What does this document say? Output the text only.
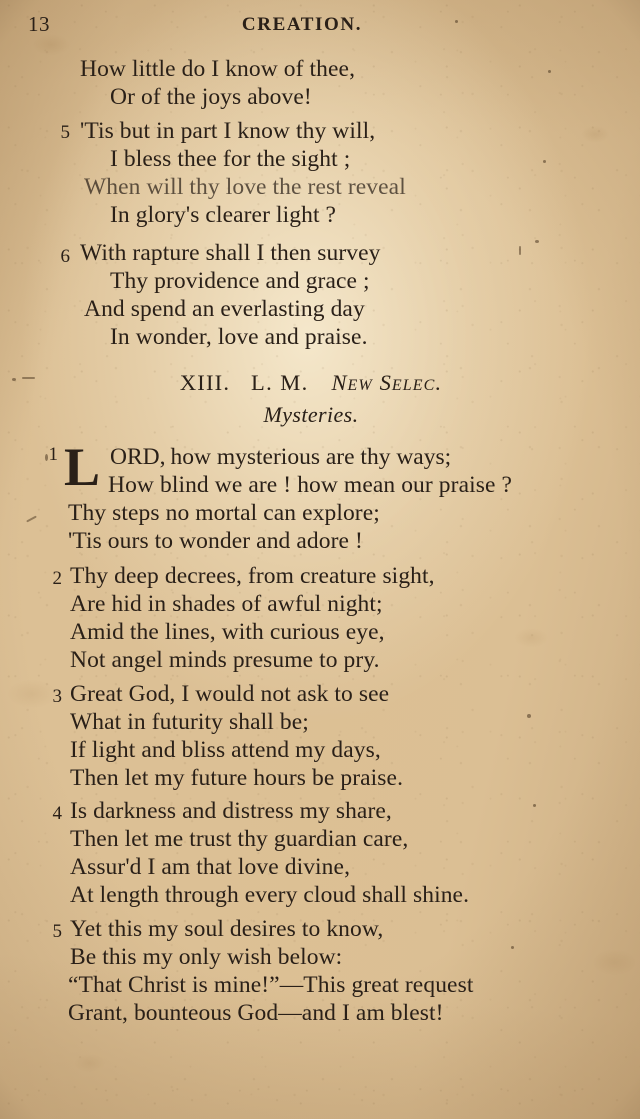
13	CREATION.
How little do I know of thee,
Or of the joys above!
5 'Tis but in part I know thy will,
I bless thee for the sight ;
When will thy love the rest reveal
In glory's clearer light ?
6 With rapture shall I then survey
Thy providence and grace ;
And spend an everlasting day
In wonder, love and praise.
XIII. L. M. New Selec.
Mysteries.
1 L ORD, how mysterious are thy ways;
How blind we are ! how mean our praise ?
Thy steps no mortal can explore;
'Tis ours to wonder and adore !
2 Thy deep decrees, from creature sight,
Are hid in shades of awful night;
Amid the lines, with curious eye,
Not angel minds presume to pry.
3 Great God, I would not ask to see
What in futurity shall be;
If light and bliss attend my days,
Then let my future hours be praise.
4 Is darkness and distress my share,
Then let me trust thy guardian care,
Assur'd I am that love divine,
At length through every cloud shall shine.
5 Yet this my soul desires to know,
Be this my only wish below:
“That Christ is mine!”—This great request
Grant, bounteous God—and I am blest!
